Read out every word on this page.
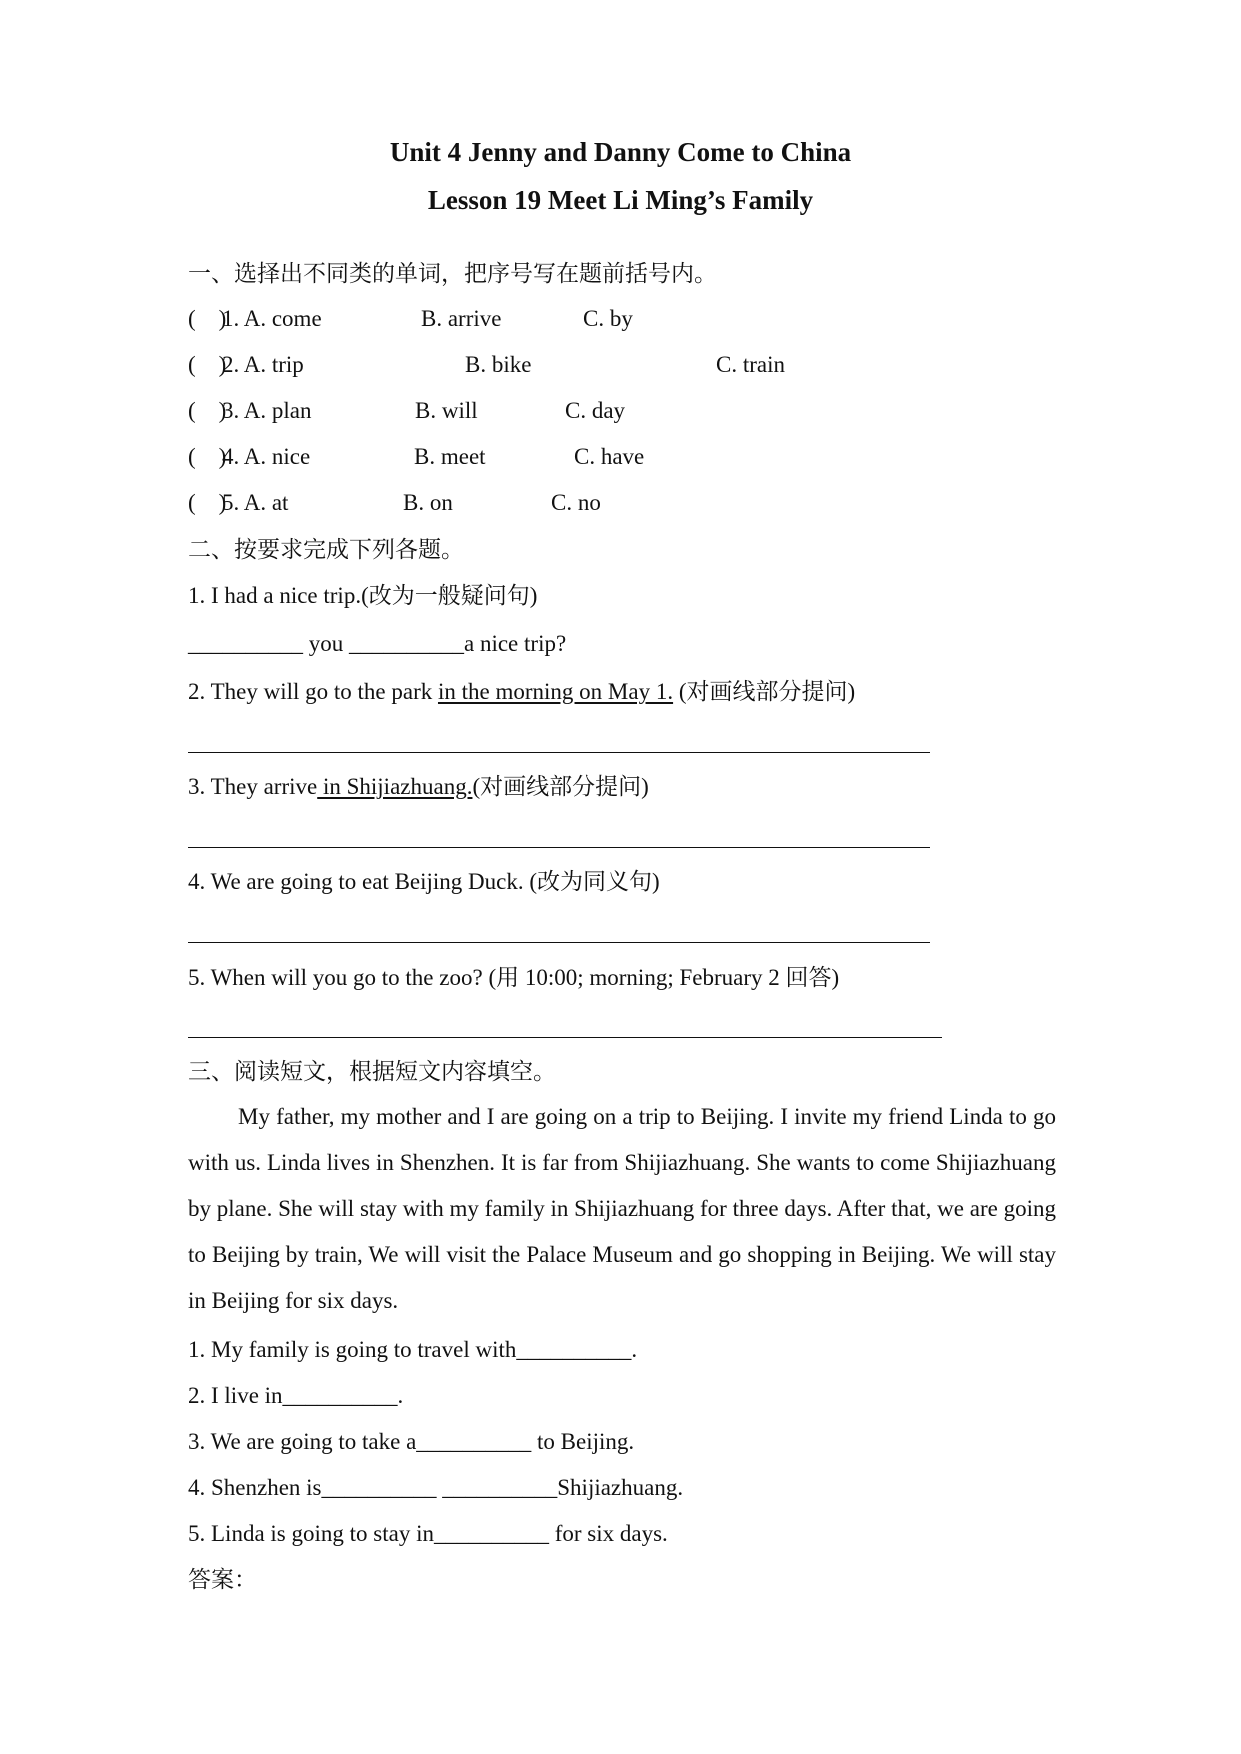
Unit 4 Jenny and Danny Come to China
Lesson 19 Meet Li Ming’s Family
一、选择出不同类的单词，把序号写在题前括号内。
(    )
1. A. come	B. arrive	C. by
(    )
2. A. trip	B. bike	C. train
(    )
3. A. plan	B. will	C. day
(    )
4. A. nice	B. meet	C. have
(    )
5. A. at	B. on	C. no
二、按要求完成下列各题。
1. I had a nice trip.(改为一般疑问句)
__________ you __________a nice trip?
2. They will go to the park in the morning on May 1. (对画线部分提问)
3. They arrive in Shijiazhuang.(对画线部分提问)
4. We are going to eat Beijing Duck. (改为同义句)
5. When will you go to the zoo? (用 10:00; morning; February 2 回答)
三、阅读短文，根据短文内容填空。
My father, my mother and I are going on a trip to Beijing. I invite my friend Linda to go with us. Linda lives in Shenzhen. It is far from Shijiazhuang. She wants to come Shijiazhuang by plane. She will stay with my family in Shijiazhuang for three days. After that, we are going to Beijing by train, We will visit the Palace Museum and go shopping in Beijing. We will stay in Beijing for six days.
1. My family is going to travel with__________.
2. I live in__________.
3. We are going to take a__________ to Beijing.
4. Shenzhen is__________ __________Shijiazhuang.
5. Linda is going to stay in__________ for six days.
答案：
